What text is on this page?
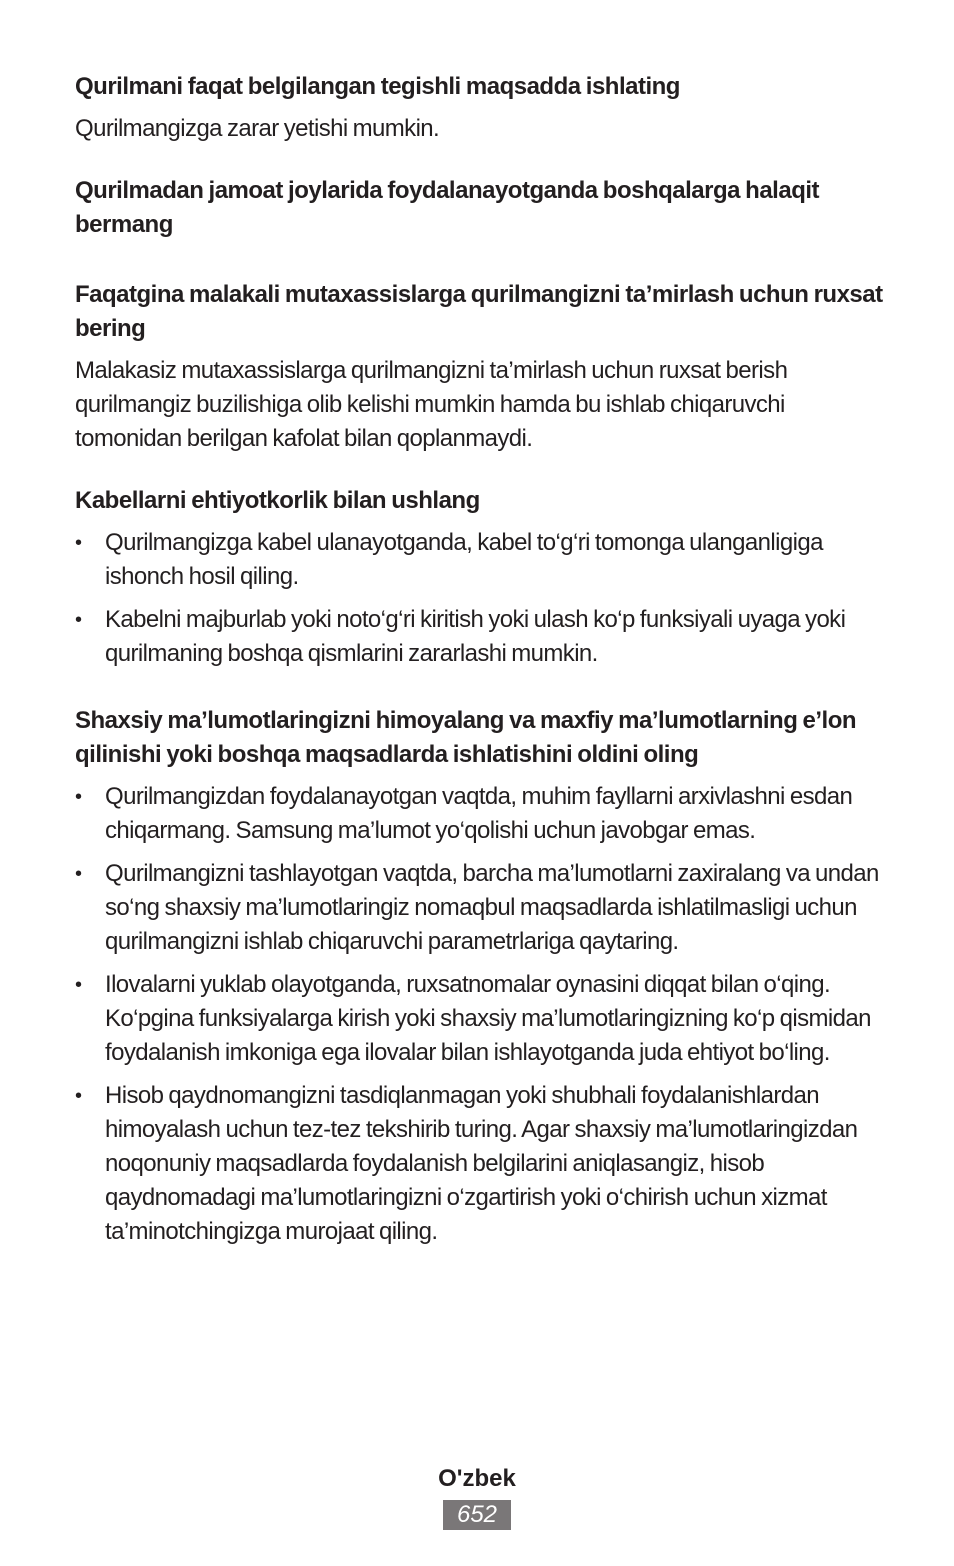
Qurilmani faqat belgilangan tegishli maqsadda ishlating

Qurilmangizga zarar yetishi mumkin.

Qurilmadan jamoat joylarida foydalanayotganda boshqalarga halaqit bermang
Faqatgina malakali mutaxassislarga qurilmangizni ta’mirlash uchun ruxsat bering

Malakasiz mutaxassislarga qurilmangizni ta’mirlash uchun ruxsat berish qurilmangiz buzilishiga olib kelishi mumkin hamda bu ishlab chiqaruvchi tomonidan berilgan kafolat bilan qoplanmaydi.

Kabellarni ehtiyotkorlik bilan ushlang
• Qurilmangizga kabel ulanayotganda, kabel to‘g‘ri tomonga ulanganligiga ishonch hosil qiling.
• Kabelni majburlab yoki noto‘g‘ri kiritish yoki ulash ko‘p funksiyali uyaga yoki qurilmaning boshqa qismlarini zararlashi mumkin.
Shaxsiy ma’lumotlaringizni himoyalang va maxfiy ma’lumotlarning e’lon qilinishi yoki boshqa maqsadlarda ishlatishini oldini oling
• Qurilmangizdan foydalanayotgan vaqtda, muhim fayllarni arxivlashni esdan chiqarmang. Samsung ma’lumot yo‘qolishi uchun javobgar emas.
• Qurilmangizni tashlayotgan vaqtda, barcha ma’lumotlarni zaxiralang va undan so‘ng shaxsiy ma’lumotlaringiz nomaqbul maqsadlarda ishlatilmasligi uchun qurilmangizni ishlab chiqaruvchi parametrlariga qaytaring.
• Ilovalarni yuklab olayotganda, ruxsatnomalar oynasini diqqat bilan o‘qing. Ko‘pgina funksiyalarga kirish yoki shaxsiy ma’lumotlaringizning ko‘p qismidan foydalanish imkoniga ega ilovalar bilan ishlayotganda juda ehtiyot bo‘ling.
• Hisob qaydnomangizni tasdiqlanmagan yoki shubhali foydalanishlardan himoyalash uchun tez-tez tekshirib turing. Agar shaxsiy ma’lumotlaringizdan noqonuniy maqsadlarda foydalanish belgilarini aniqlasangiz, hisob qaydnomadagi ma’lumotlaringizni o‘zgartirish yoki o‘chirish uchun xizmat ta’minotchingizga murojaat qiling.
O'zbek
652
